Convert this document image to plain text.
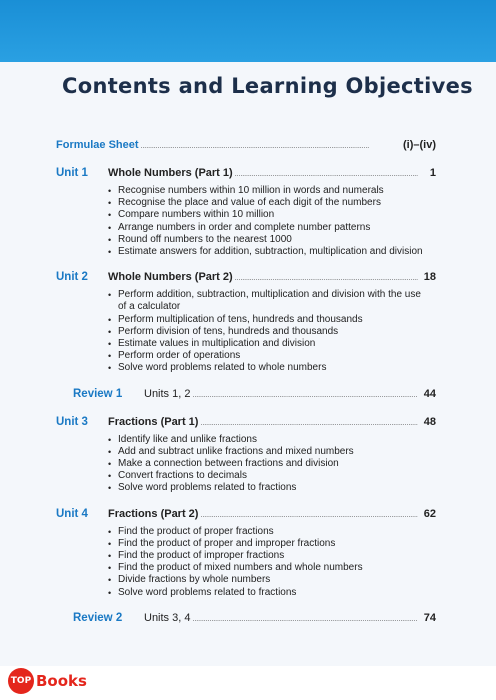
Contents and Learning Objectives
Formulae Sheet . . .	(i)–(iv)
Unit 1	Whole Numbers (Part 1) . . .	1
• Recognise numbers within 10 million in words and numerals
• Recognise the place and value of each digit of the numbers
• Compare numbers within 10 million
• Arrange numbers in order and complete number patterns
• Round off numbers to the nearest 1000
• Estimate answers for addition, subtraction, multiplication and division
Unit 2	Whole Numbers (Part 2) . . .	18
• Perform addition, subtraction, multiplication and division with the use
of a calculator
• Perform multiplication of tens, hundreds and thousands
• Perform division of tens, hundreds and thousands
• Estimate values in multiplication and division
• Perform order of operations
• Solve word problems related to whole numbers
Review 1	Units 1, 2 . . .	44
Unit 3	Fractions (Part 1) . . .	48
• Identify like and unlike fractions
• Add and subtract unlike fractions and mixed numbers
• Make a connection between fractions and division
• Convert fractions to decimals
• Solve word problems related to fractions
Unit 4	Fractions (Part 2) . . .	62
• Find the product of proper fractions
• Find the product of proper and improper fractions
• Find the product of improper fractions
• Find the product of mixed numbers and whole numbers
• Divide fractions by whole numbers
• Solve word problems related to fractions
Review 2	Units 3, 4 . . .	74
TOP Books
